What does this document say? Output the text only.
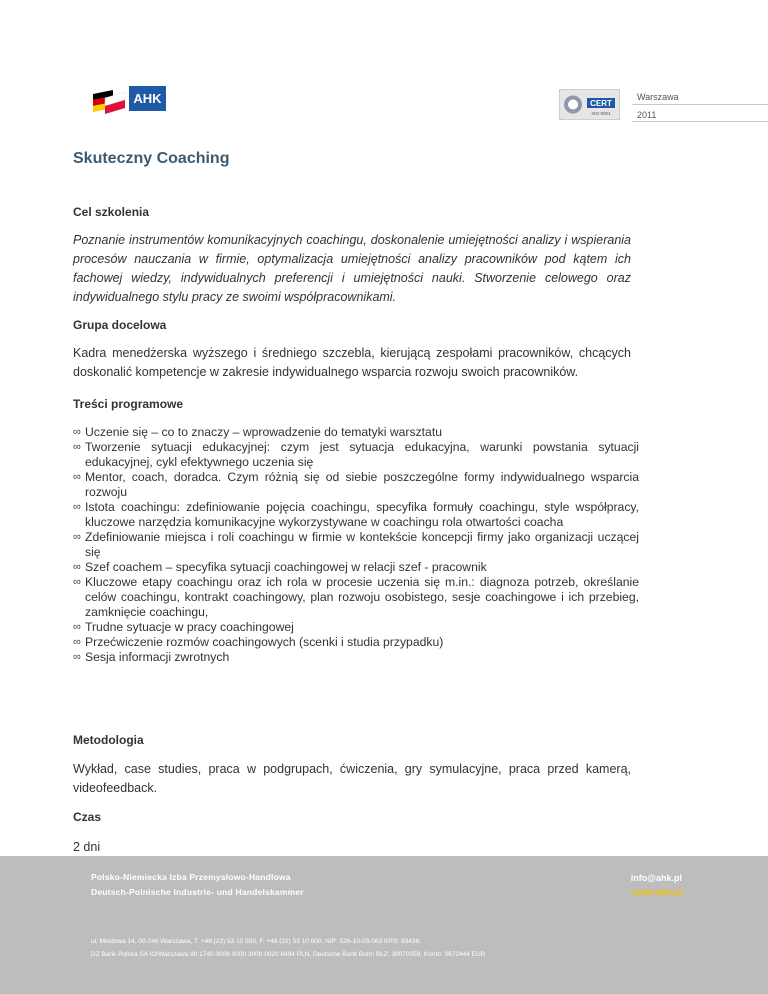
AHK	CERT
ISO 9001
Warszawa
2011
Skuteczny Coaching
Cel szkolenia
Poznanie instrumentów komunikacyjnych coachingu, doskonalenie umiejętności analizy i wspierania procesów nauczania w firmie, optymalizacja umiejętności analizy pracowników pod kątem ich fachowej wiedzy, indywidualnych preferencji i umiejętności nauki. Stworzenie celowego oraz indywidualnego stylu pracy ze swoimi współpracownikami.
Grupa docelowa
Kadra menedżerska wyższego i średniego szczebla, kierującą zespołami pracowników, chcących doskonalić kompetencje w zakresie indywidualnego wsparcia rozwoju swoich pracowników.
Treści programowe
∞ Uczenie się – co to znaczy – wprowadzenie do tematyki warsztatu
∞ Tworzenie sytuacji edukacyjnej: czym jest sytuacja edukacyjna, warunki powstania sytuacji edukacyjnej, cykl efektywnego uczenia się
∞ Mentor, coach, doradca. Czym różnią się od siebie poszczególne formy indywidualnego wsparcia rozwoju
∞ Istota coachingu: zdefiniowanie pojęcia coachingu, specyfika formuły coachingu, style współpracy, kluczowe narzędzia komunikacyjne wykorzystywane w coachingu rola otwartości coacha
∞ Zdefiniowanie miejsca i roli coachingu w firmie w kontekście koncepcji firmy jako organizacji uczącej się
∞ Szef coachem – specyfika sytuacji coachingowej w relacji szef - pracownik
∞ Kluczowe etapy coachingu oraz ich rola w procesie uczenia się m.in.: diagnoza potrzeb, określanie celów coachingu, kontrakt coachingowy, plan rozwoju osobistego, sesje coachingowe i ich przebieg, zamknięcie coachingu,
∞ Trudne sytuacje w pracy coachingowej
∞ Przećwiczenie rozmów coachingowych (scenki i studia przypadku)
∞ Sesja informacji zwrotnych
Metodologia
Wykład, case studies, praca w podgrupach, ćwiczenia, gry symulacyjne, praca przed kamerą, videofeedback.
Czas
2 dni
Polsko-Niemiecka Izba Przemysłowo-Handlowa
Deutsch-Polnische Industrie- und Handelskammer
ul. Miodowa 14, 00-246 Warszawa, T. +48 (22) 53 10 500, F. +48 (22) 53 10 600, NIP: 526-10-29-063 KRS: 93438,
DZ Bank Polska SA IO/Warszawa 80 1740 0006 0000 3000 0020 8494 PLN, Deutsche Bank Bonn BLZ: 38070059, Konto: 0672444 EUR
info@ahk.pl
www.ahk.pl
